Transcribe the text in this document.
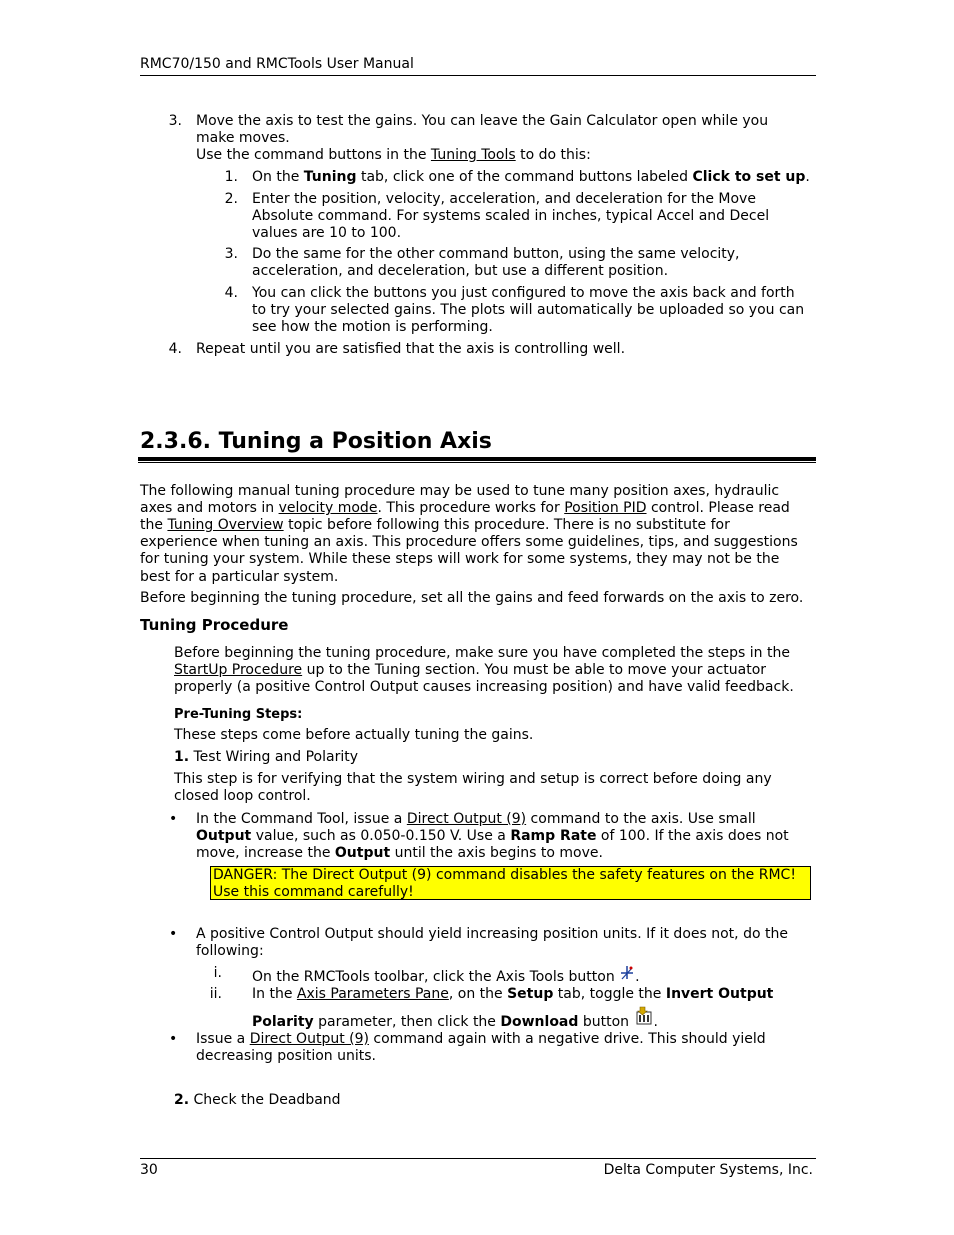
RMC70/150 and RMCTools User Manual
3. Move the axis to test the gains. You can leave the Gain Calculator open while you
make moves.
Use the command buttons in the Tuning Tools to do this:
1. On the Tuning tab, click one of the command buttons labeled Click to set up.
2. Enter the position, velocity, acceleration, and deceleration for the Move
Absolute command. For systems scaled in inches, typical Accel and Decel
values are 10 to 100.
3. Do the same for the other command button, using the same velocity,
acceleration, and deceleration, but use a different position.
4. You can click the buttons you just configured to move the axis back and forth
to try your selected gains. The plots will automatically be uploaded so you can
see how the motion is performing.
4. Repeat until you are satisfied that the axis is controlling well.
2.3.6. Tuning a Position Axis
The following manual tuning procedure may be used to tune many position axes, hydraulic
axes and motors in velocity mode. This procedure works for Position PID control. Please read
the Tuning Overview topic before following this procedure. There is no substitute for
experience when tuning an axis. This procedure offers some guidelines, tips, and suggestions
for tuning your system. While these steps will work for some systems, they may not be the
best for a particular system.
Before beginning the tuning procedure, set all the gains and feed forwards on the axis to zero.
Tuning Procedure
Before beginning the tuning procedure, make sure you have completed the steps in the
StartUp Procedure up to the Tuning section. You must be able to move your actuator
properly (a positive Control Output causes increasing position) and have valid feedback.
Pre-Tuning Steps:
These steps come before actually tuning the gains.
1. Test Wiring and Polarity
This step is for verifying that the system wiring and setup is correct before doing any
closed loop control.
• In the Command Tool, issue a Direct Output (9) command to the axis. Use small
Output value, such as 0.050-0.150 V. Use a Ramp Rate of 100. If the axis does not
move, increase the Output until the axis begins to move.
DANGER: The Direct Output (9) command disables the safety features on the RMC!
Use this command carefully!
• A positive Control Output should yield increasing position units. If it does not, do the
following:
i. On the RMCTools toolbar, click the Axis Tools button .
ii. In the Axis Parameters Pane, on the Setup tab, toggle the Invert Output
Polarity parameter, then click the Download button .
• Issue a Direct Output (9) command again with a negative drive. This should yield
decreasing position units.
2. Check the Deadband
30	Delta Computer Systems, Inc.
